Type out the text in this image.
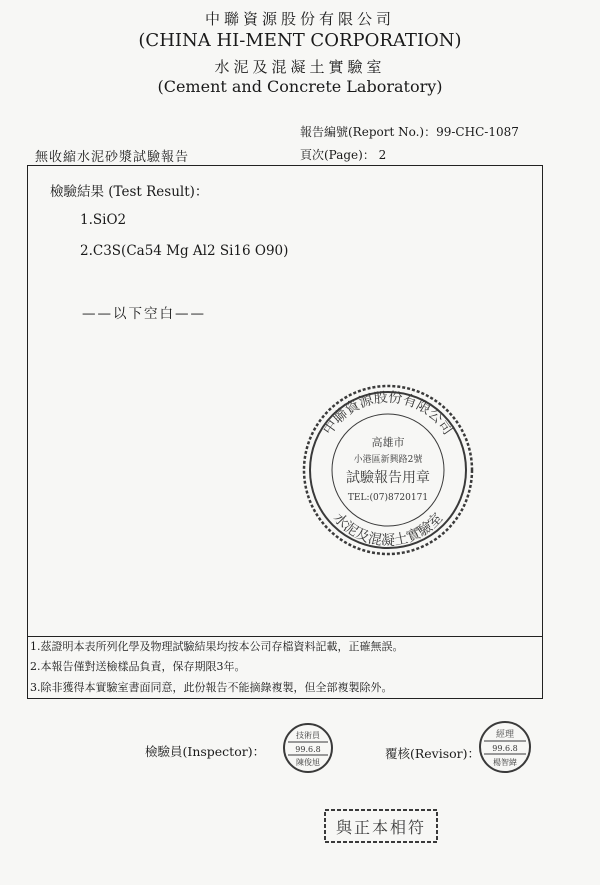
中聯資源股份有限公司
(CHINA HI-MENT CORPORATION)
水泥及混凝土實驗室
(Cement and Concrete Laboratory)
報告編號(Report No.)：99-CHC-1087
無收縮水泥砂漿試驗報告	頁次(Page)： 2
檢驗結果 (Test Result)：
1.SiO2
2.C3S(Ca54 Mg Al2 Si16 O90)
——以下空白——
1.茲證明本表所列化學及物理試驗結果均按本公司存檔資料記載，正確無誤。
2.本報告僅對送檢樣品負責，保存期限3年。
3.除非獲得本實驗室書面同意，此份報告不能摘錄複製，但全部複製除外。
中聯資源股份有限公司
水泥及混凝土實驗室
高雄市
小港區新興路2號
試驗報告用章
TEL:(07)8720171
檢驗員(Inspector)：
技術員
99.6.8
陳俊旭
覆核(Revisor)：
經理
99.6.8
楊智緯
與正本相符
